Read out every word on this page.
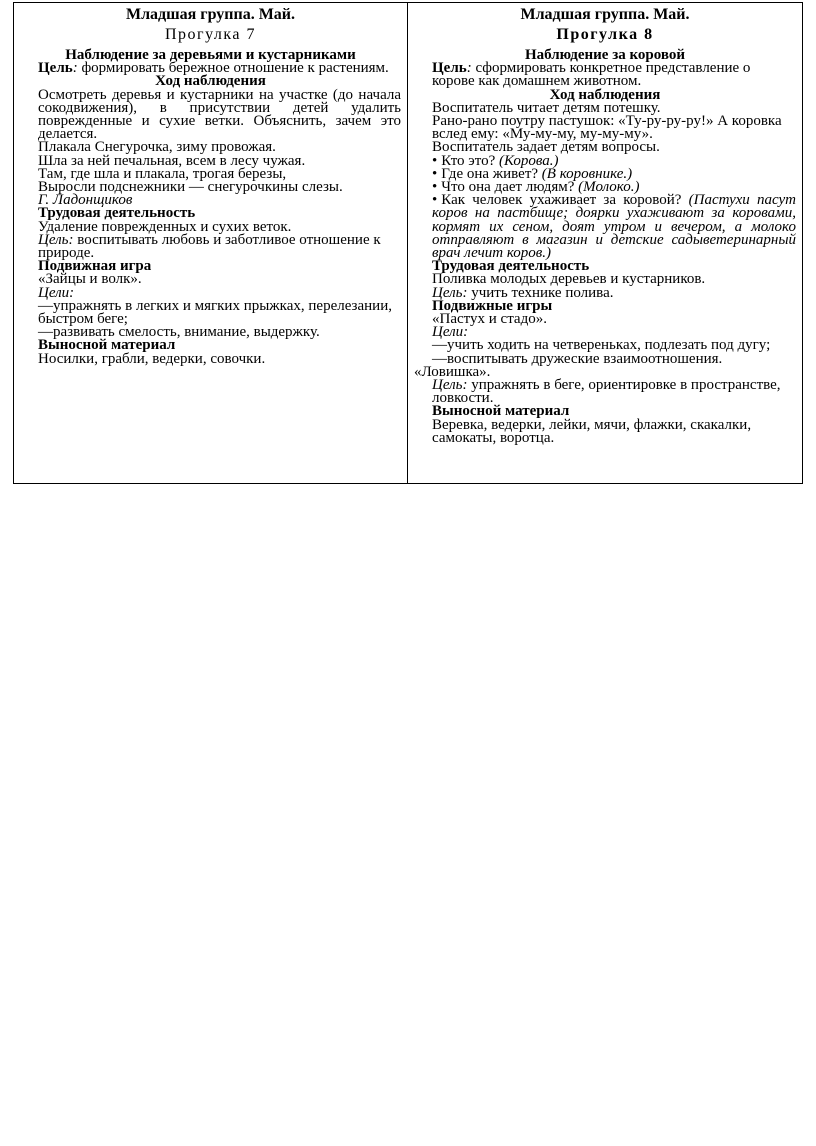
Младшая группа. Май.

Прогулка 7

Наблюдение за деревьями и кустарниками

Цель: формировать бережное отношение к растениям.

Ход наблюдения

Осмотреть деревья и кустарники на участке (до начала сокодвижения), в присутствии детей удалить поврежденные и сухие ветки. Объяснить, зачем это делается.

Плакала Снегурочка, зиму провожая.

Шла за ней печальная, всем в лесу чужая.

Там, где шла и плакала, трогая березы,

Выросли подснежники — снегурочкины слезы.

Г. Ладонщиков

Трудовая деятельность

Удаление поврежденных и сухих веток.

Цель: воспитывать любовь и заботливое отношение к природе.

Подвижная игра

«Зайцы и волк».

Цели:

—упражнять в легких и мягких прыжках, перелезании, быстром беге;

—развивать смелость, внимание, выдержку.

Выносной материал

Носилки, грабли, ведерки, совочки.

Младшая группа. Май.

Прогулка 8

Наблюдение за коровой

Цель: сформировать конкретное представление о корове как домашнем животном.

Ход наблюдения

Воспитатель читает детям потешку.

Рано-рано поутру пастушок: «Ту-ру-ру-ру!» А коровка вслед ему: «Му-му-му, му-му-му».

Воспитатель задает детям вопросы.

• Кто это? (Корова.)

• Где она живет? (В коровнике.)

• Что она дает людям? (Молоко.)

• Как человек ухаживает за коровой? (Пастухи пасут коров на пастбище; доярки ухаживают за коровами, кормят их сеном, доят утром и вечером, а молоко отправляют в магазин и детские садыветеринарный врач лечит коров.)

Трудовая деятельность

Поливка молодых деревьев и кустарников.

Цель: учить технике полива.

Подвижные игры

«Пастух и стадо».

Цели:

—учить ходить на четвереньках, подлезать под дугу;

—воспитывать дружеские взаимоотношения.

«Ловишка».

Цель: упражнять в беге, ориентировке в пространстве, ловкости.

Выносной материал

Веревка, ведерки, лейки, мячи, флажки, скакалки, самокаты, воротца.
